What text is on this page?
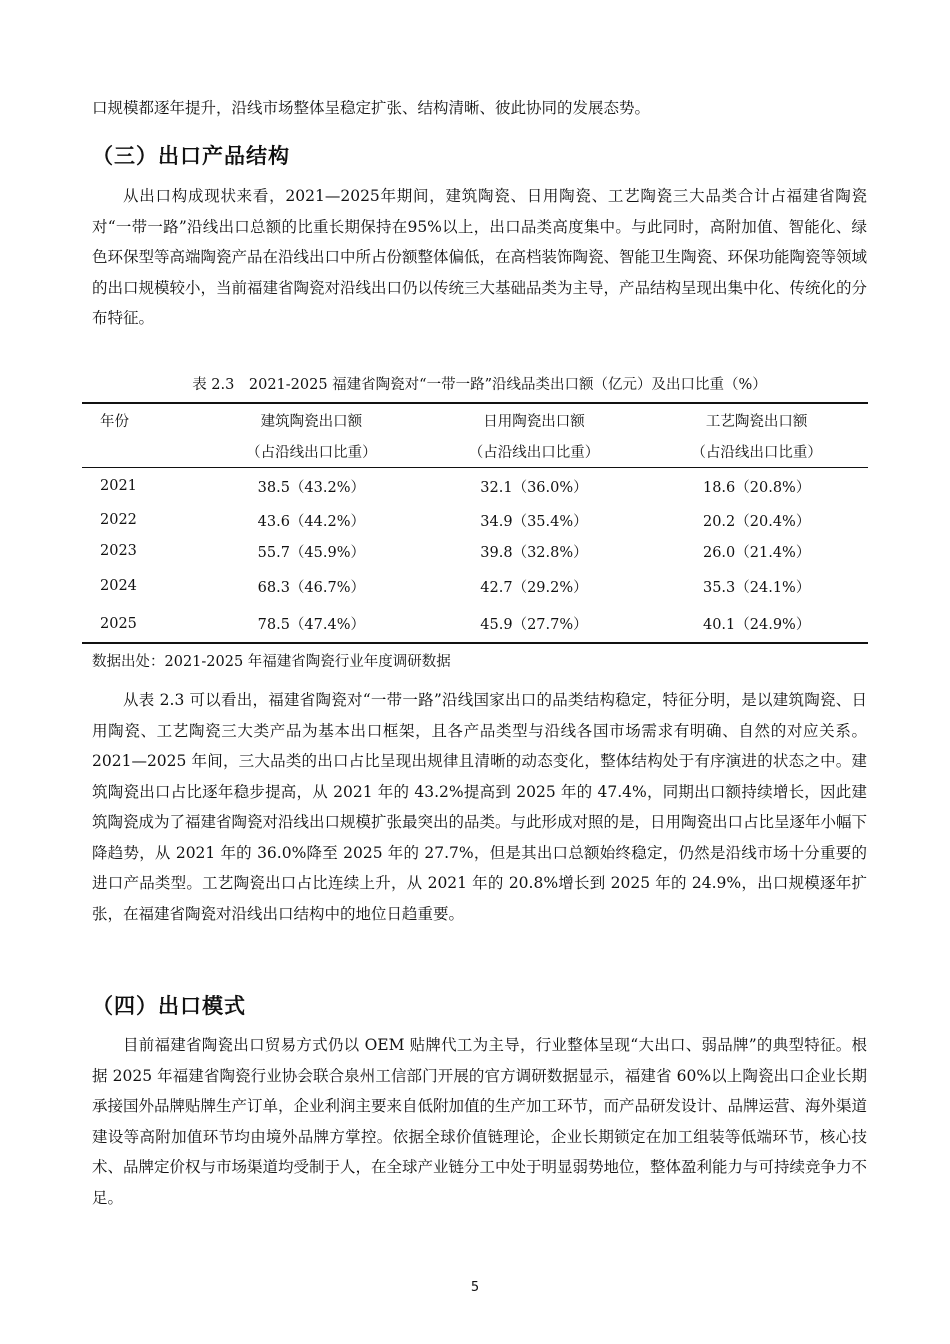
口规模都逐年提升，沿线市场整体呈稳定扩张、结构清晰、彼此协同的发展态势。

（三）出口产品结构

从出口构成现状来看，2021—2025年期间，建筑陶瓷、日用陶瓷、工艺陶瓷三大品类合计占福建省陶瓷对“一带一路”沿线出口总额的比重长期保持在95%以上，出口品类高度集中。与此同时，高附加值、智能化、绿色环保型等高端陶瓷产品在沿线出口中所占份额整体偏低，在高档装饰陶瓷、智能卫生陶瓷、环保功能陶瓷等领域的出口规模较小，当前福建省陶瓷对沿线出口仍以传统三大基础品类为主导，产品结构呈现出集中化、传统化的分布特征。

表 2.3　2021-2025 福建省陶瓷对“一带一路”沿线品类出口额（亿元）及出口比重（%）

年份	建筑陶瓷出口额	日用陶瓷出口额	工艺陶瓷出口额
	（占沿线出口比重）	（占沿线出口比重）	（占沿线出口比重）
2021	38.5（43.2%）	32.1（36.0%）	18.6（20.8%）
2022	43.6（44.2%）	34.9（35.4%）	20.2（20.4%）
2023	55.7（45.9%）	39.8（32.8%）	26.0（21.4%）
2024	68.3（46.7%）	42.7（29.2%）	35.3（24.1%）
2025	78.5（47.4%）	45.9（27.7%）	40.1（24.9%）

数据出处：2021-2025 年福建省陶瓷行业年度调研数据

从表 2.3 可以看出，福建省陶瓷对“一带一路”沿线国家出口的品类结构稳定，特征分明，是以建筑陶瓷、日用陶瓷、工艺陶瓷三大类产品为基本出口框架，且各产品类型与沿线各国市场需求有明确、自然的对应关系。2021—2025 年间，三大品类的出口占比呈现出规律且清晰的动态变化，整体结构处于有序演进的状态之中。建筑陶瓷出口占比逐年稳步提高，从 2021 年的 43.2%提高到 2025 年的 47.4%，同期出口额持续增长，因此建筑陶瓷成为了福建省陶瓷对沿线出口规模扩张最突出的品类。与此形成对照的是，日用陶瓷出口占比呈逐年小幅下降趋势，从 2021 年的 36.0%降至 2025 年的 27.7%，但是其出口总额始终稳定，仍然是沿线市场十分重要的进口产品类型。工艺陶瓷出口占比连续上升，从 2021 年的 20.8%增长到 2025 年的 24.9%，出口规模逐年扩张，在福建省陶瓷对沿线出口结构中的地位日趋重要。

（四）出口模式

目前福建省陶瓷出口贸易方式仍以 OEM 贴牌代工为主导，行业整体呈现“大出口、弱品牌”的典型特征。根据 2025 年福建省陶瓷行业协会联合泉州工信部门开展的官方调研数据显示，福建省 60%以上陶瓷出口企业长期承接国外品牌贴牌生产订单，企业利润主要来自低附加值的生产加工环节，而产品研发设计、品牌运营、海外渠道建设等高附加值环节均由境外品牌方掌控。依据全球价值链理论，企业长期锁定在加工组装等低端环节，核心技术、品牌定价权与市场渠道均受制于人，在全球产业链分工中处于明显弱势地位，整体盈利能力与可持续竞争力不足。

5
